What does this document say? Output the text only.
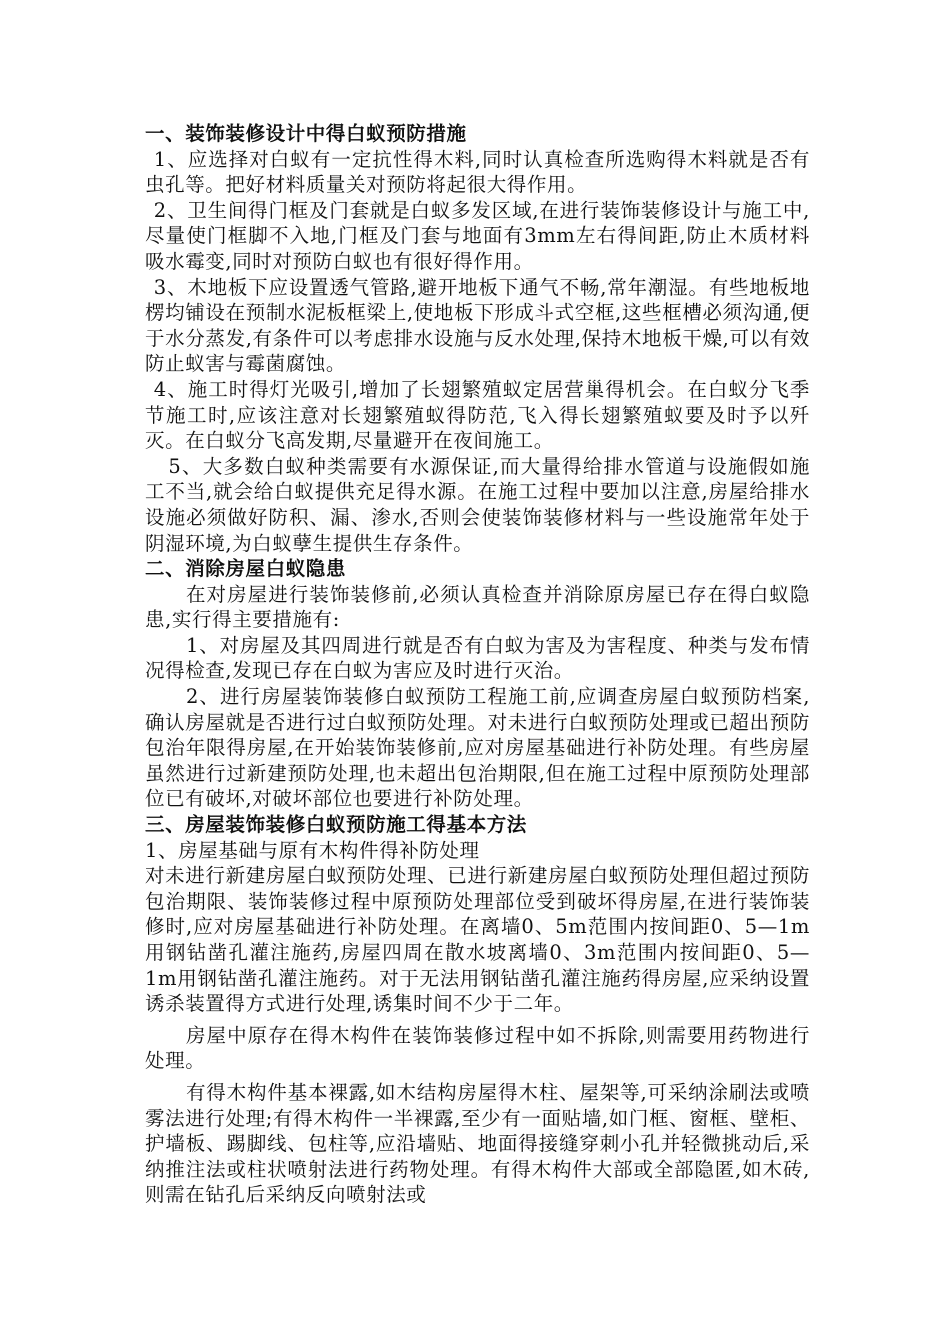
一、装饰装修设计中得白蚁预防措施

1、应选择对白蚁有一定抗性得木料,同时认真检查所选购得木料就是否有虫孔等。把好材料质量关对预防将起很大得作用。

2、卫生间得门框及门套就是白蚁多发区域,在进行装饰装修设计与施工中,尽量使门框脚不入地,门框及门套与地面有3mm左右得间距,防止木质材料吸水霉变,同时对预防白蚁也有很好得作用。

3、木地板下应设置透气管路,避开地板下通气不畅,常年潮湿。有些地板地楞均铺设在预制水泥板框梁上,使地板下形成斗式空框,这些框槽必须沟通,便于水分蒸发,有条件可以考虑排水设施与反水处理,保持木地板干燥,可以有效防止蚁害与霉菌腐蚀。

4、施工时得灯光吸引,增加了长翅繁殖蚁定居营巢得机会。在白蚁分飞季节施工时,应该注意对长翅繁殖蚁得防范,飞入得长翅繁殖蚁要及时予以歼灭。在白蚁分飞高发期,尽量避开在夜间施工。

5、大多数白蚁种类需要有水源保证,而大量得给排水管道与设施假如施工不当,就会给白蚁提供充足得水源。在施工过程中要加以注意,房屋给排水设施必须做好防积、漏、渗水,否则会使装饰装修材料与一些设施常年处于阴湿环境,为白蚁孽生提供生存条件。

二、消除房屋白蚁隐患

在对房屋进行装饰装修前,必须认真检查并消除原房屋已存在得白蚁隐患,实行得主要措施有:

1、对房屋及其四周进行就是否有白蚁为害及为害程度、种类与发布情况得检查,发现已存在白蚁为害应及时进行灭治。

2、进行房屋装饰装修白蚁预防工程施工前,应调查房屋白蚁预防档案,确认房屋就是否进行过白蚁预防处理。对未进行白蚁预防处理或已超出预防包治年限得房屋,在开始装饰装修前,应对房屋基础进行补防处理。有些房屋虽然进行过新建预防处理,也未超出包治期限,但在施工过程中原预防处理部位已有破坏,对破坏部位也要进行补防处理。

三、房屋装饰装修白蚁预防施工得基本方法

1、房屋基础与原有木构件得补防处理

对未进行新建房屋白蚁预防处理、已进行新建房屋白蚁预防处理但超过预防包治期限、装饰装修过程中原预防处理部位受到破坏得房屋,在进行装饰装修时,应对房屋基础进行补防处理。在离墙0、5m范围内按间距0、5—1m用钢钻凿孔灌注施药,房屋四周在散水坡离墙0、3m范围内按间距0、5—1m用钢钻凿孔灌注施药。对于无法用钢钻凿孔灌注施药得房屋,应采纳设置诱杀装置得方式进行处理,诱集时间不少于二年。

房屋中原存在得木构件在装饰装修过程中如不拆除,则需要用药物进行处理。

有得木构件基本裸露,如木结构房屋得木柱、屋架等,可采纳涂刷法或喷雾法进行处理;有得木构件一半裸露,至少有一面贴墙,如门框、窗框、壁柜、护墙板、踢脚线、包柱等,应沿墙贴、地面得接缝穿刺小孔并轻微挑动后,采纳推注法或柱状喷射法进行药物处理。有得木构件大部或全部隐匿,如木砖,则需在钻孔后采纳反向喷射法或
